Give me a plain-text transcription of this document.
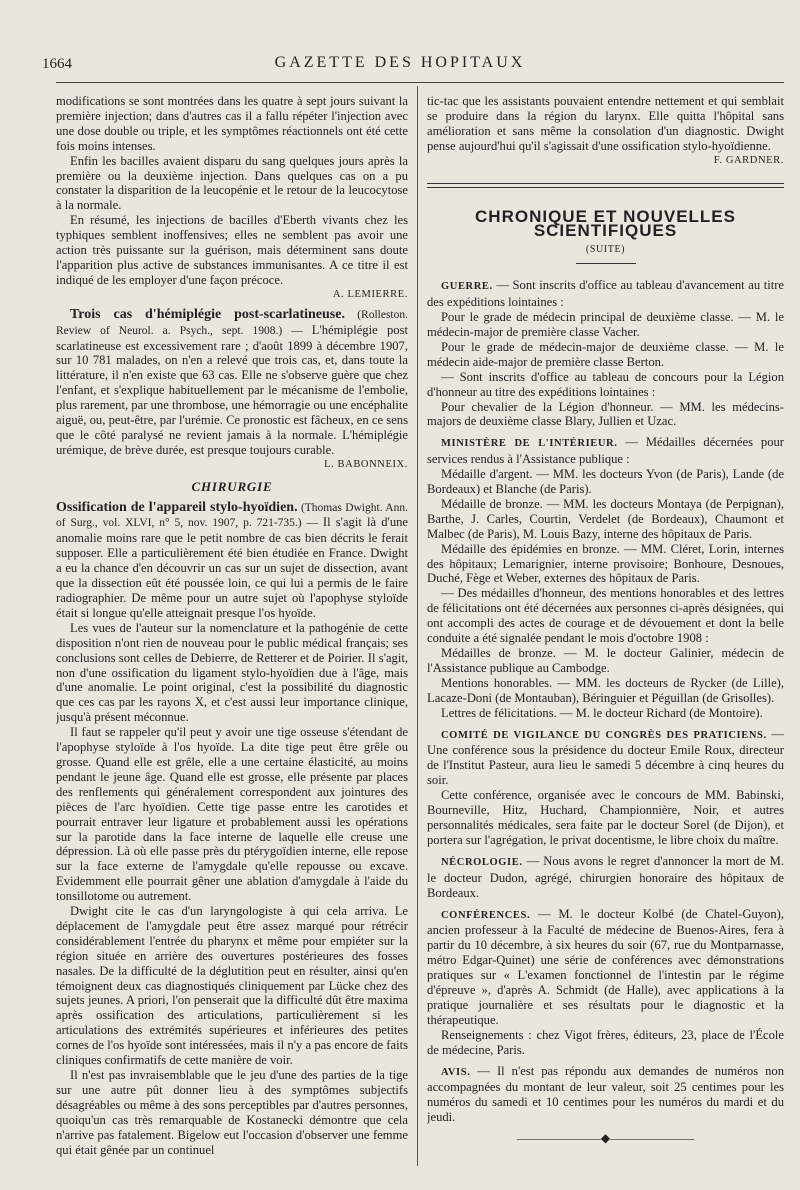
1664	GAZETTE DES HOPITAUX

modifications se sont montrées dans les quatre à sept jours suivant la première injection; dans d'autres cas il a fallu répéter l'injection avec une dose double ou triple, et les symptômes réactionnels ont été cette fois moins intenses.

Enfin les bacilles avaient disparu du sang quelques jours après la première ou la deuxième injection. Dans quelques cas on a pu constater la disparition de la leucopénie et le retour de la leucocytose à la normale.

En résumé, les injections de bacilles d'Eberth vivants chez les typhiques semblent inoffensives; elles ne semblent pas avoir une action très puissante sur la guérison, mais déterminent sans doute l'apparition plus active de substances immunisantes. A ce titre il est indiqué de les employer d'une façon précoce.

A. LEMIERRE.

Trois cas d'hémiplégie post-scarlatineuse. (Rolleston. Review of Neurol. a. Psych., sept. 1908.) — L'hémiplégie post scarlatineuse est excessivement rare ; d'août 1899 à décembre 1907, sur 10 781 malades, on n'en a relevé que trois cas, et, dans toute la littérature, il n'en existe que 63 cas. Elle ne s'observe guère que chez l'enfant, et s'explique habituellement par le mécanisme de l'embolie, plus rarement, par une thrombose, une hémorragie ou une encéphalite aiguë, ou, peut-être, par l'urémie. Ce pronostic est fâcheux, en ce sens que le côté paralysé ne revient jamais à la normale. L'hémiplégie urémique, de brève durée, est presque toujours curable.

L. BABONNEIX.
CHIRURGIE

Ossification de l'appareil stylo-hyoïdien. (Thomas Dwight. Ann. of Surg., vol. XLVI, n° 5, nov. 1907, p. 721-735.) — Il s'agit là d'une anomalie moins rare que le petit nombre de cas bien décrits le ferait supposer. Elle a particulièrement été bien étudiée en France. Dwight a eu la chance d'en découvrir un cas sur un sujet de dissection, avant que la dissection eût été poussée loin, ce qui lui a permis de le faire radiographier. De même pour un autre sujet où l'apophyse styloïde était si longue qu'elle atteignait presque l'os hyoïde.

Les vues de l'auteur sur la nomenclature et la pathogénie de cette disposition n'ont rien de nouveau pour le public médical français; ses conclusions sont celles de Debierre, de Retterer et de Poirier. Il s'agit, non d'une ossification du ligament stylo-hyoïdien due à l'âge, mais d'une anomalie. Le point original, c'est la possibilité du diagnostic que ces cas par les rayons X, et c'est aussi leur importance clinique, jusqu'à présent méconnue.

Il faut se rappeler qu'il peut y avoir une tige osseuse s'étendant de l'apophyse styloïde à l'os hyoïde. La dite tige peut être grêle ou grosse. Quand elle est grêle, elle a une certaine élasticité, au moins pendant le jeune âge. Quand elle est grosse, elle présente par places des renflements qui généralement correspondent aux jointures des pièces de l'arc hyoïdien. Cette tige passe entre les carotides et pourrait entraver leur ligature et probablement aussi les opérations sur la parotide dans la face interne de laquelle elle creuse une dépression. Là où elle passe près du ptérygoïdien interne, elle repose sur la face externe de l'amygdale qu'elle repousse ou excave. Evidemment elle pourrait gêner une ablation d'amygdale à l'aide du tonsillotome ou autrement.

Dwight cite le cas d'un laryngologiste à qui cela arriva. Le déplacement de l'amygdale peut être assez marqué pour rétrécir considérablement l'entrée du pharynx et même pour empiéter sur la région située en arrière des ouvertures postérieures des fosses nasales. De la difficulté de la déglutition peut en résulter, ainsi qu'en témoignent deux cas diagnostiqués cliniquement par Lücke chez des sujets jeunes. A priori, l'on penserait que la difficulté dût être maxima après ossification des articulations, particulièrement si les articulations des extrémités supérieures et inférieures des petites cornes de l'os hyoïde sont intéressées, mais il n'y a pas encore de faits cliniques confirmatifs de cette manière de voir.

Il n'est pas invraisemblable que le jeu d'une des parties de la tige sur une autre pût donner lieu à des symptômes subjectifs désagréables ou même à des sons perceptibles par d'autres personnes, quoiqu'un cas très remarquable de Kostanecki démontre que cela n'arrive pas fatalement. Bigelow eut l'occasion d'observer une femme qui était gênée par un continuel

tic-tac que les assistants pouvaient entendre nettement et qui semblait se produire dans la région du larynx. Elle quitta l'hôpital sans amélioration et sans même la consolation d'un diagnostic. Dwight pense aujourd'hui qu'il s'agissait d'une ossification stylo-hyoïdienne.

F. GARDNER.
CHRONIQUE ET NOUVELLES SCIENTIFIQUES
(SUITE)

GUERRE. — Sont inscrits d'office au tableau d'avancement au titre des expéditions lointaines :

Pour le grade de médecin principal de deuxième classe. — M. le médecin-major de première classe Vacher.

Pour le grade de médecin-major de deuxième classe. — M. le médecin aide-major de première classe Berton.

— Sont inscrits d'office au tableau de concours pour la Légion d'honneur au titre des expéditions lointaines :

Pour chevalier de la Légion d'honneur. — MM. les médecins-majors de deuxième classe Blary, Jullien et Uzac.

MINISTÈRE DE L'INTÉRIEUR. — Médailles décernées pour services rendus à l'Assistance publique :

Médaille d'argent. — MM. les docteurs Yvon (de Paris), Lande (de Bordeaux) et Blanche (de Paris).

Médaille de bronze. — MM. les docteurs Montaya (de Perpignan), Barthe, J. Carles, Courtin, Verdelet (de Bordeaux), Chaumont et Malbec (de Paris), M. Louis Bazy, interne des hôpitaux de Paris.

Médaille des épidémies en bronze. — MM. Cléret, Lorin, internes des hôpitaux; Lemarignier, interne provisoire; Bonhoure, Desnoues, Duché, Fège et Weber, externes des hôpitaux de Paris.

— Des médailles d'honneur, des mentions honorables et des lettres de félicitations ont été décernées aux personnes ci-après désignées, qui ont accompli des actes de courage et de dévouement et dont la belle conduite a été signalée pendant le mois d'octobre 1908 :

Médailles de bronze. — M. le docteur Galinier, médecin de l'Assistance publique au Cambodge.

Mentions honorables. — MM. les docteurs de Rycker (de Lille), Lacaze-Doni (de Montauban), Béringuier et Péguillan (de Grisolles).

Lettres de félicitations. — M. le docteur Richard (de Montoire).

COMITÉ DE VIGILANCE DU CONGRÈS DES PRATICIENS. — Une conférence sous la présidence du docteur Emile Roux, directeur de l'Institut Pasteur, aura lieu le samedi 5 décembre à cinq heures du soir.

Cette conférence, organisée avec le concours de MM. Babinski, Bourneville, Hitz, Huchard, Championnière, Noir, et autres personnalités médicales, sera faite par le docteur Sorel (de Dijon), et portera sur l'agrégation, le privat docentisme, le libre choix du maître.

NÉCROLOGIE. — Nous avons le regret d'annoncer la mort de M. le docteur Dudon, agrégé, chirurgien honoraire des hôpitaux de Bordeaux.

CONFÉRENCES. — M. le docteur Kolbé (de Chatel-Guyon), ancien professeur à la Faculté de médecine de Buenos-Aires, fera à partir du 10 décembre, à six heures du soir (67, rue du Montparnasse, métro Edgar-Quinet) une série de conférences avec démonstrations pratiques sur « L'examen fonctionnel de l'intestin par le régime d'épreuve », d'après A. Schmidt (de Halle), avec applications à la pratique journalière et ses résultats pour le diagnostic et la thérapeutique.

Renseignements : chez Vigot frères, éditeurs, 23, place de l'École de médecine, Paris.

AVIS. — Il n'est pas répondu aux demandes de numéros non accompagnées du montant de leur valeur, soit 25 centimes pour les numéros du samedi et 10 centimes pour les numéros du mardi et du jeudi.

———————◆———————
